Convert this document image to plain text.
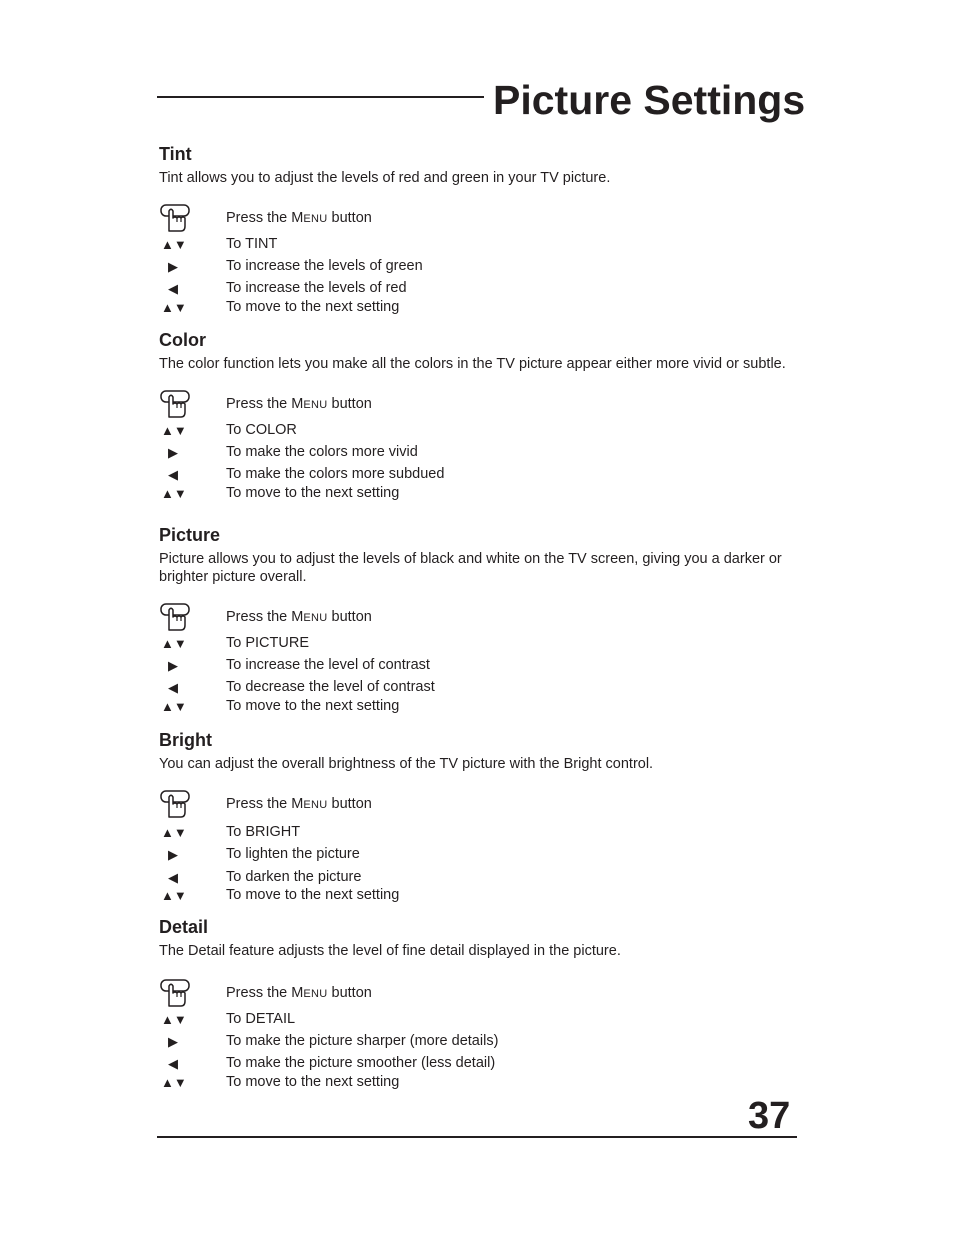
Picture Settings
Tint

Tint allows you to adjust the levels of red and green in your TV picture.

Press the MENU button
▲▼	To TINT
▶	To increase the levels of green
◀	To increase the levels of red
▲▼	To move to the next setting
Color

The color function lets you make all the colors in the TV picture appear either more vivid or subtle.

Press the MENU button
▲▼	To COLOR
▶	To make the colors more vivid
◀	To make the colors more subdued
▲▼	To move to the next setting
Picture

Picture allows you to adjust the levels of black and white on the TV screen, giving you a darker or brighter picture overall.

Press the MENU button
▲▼	To PICTURE
▶	To increase the level of contrast
◀	To decrease the level of contrast
▲▼	To move to the next setting
Bright

You can adjust the overall brightness of the TV picture with the Bright control.

Press the MENU button
▲▼	To BRIGHT
▶	To lighten the picture
◀	To darken the picture
▲▼	To move to the next setting
Detail

The Detail feature adjusts the level of fine detail displayed in the picture.

Press the MENU button
▲▼	To DETAIL
▶	To make the picture sharper (more details)
◀	To make the picture smoother (less detail)
▲▼	To move to the next setting

37
